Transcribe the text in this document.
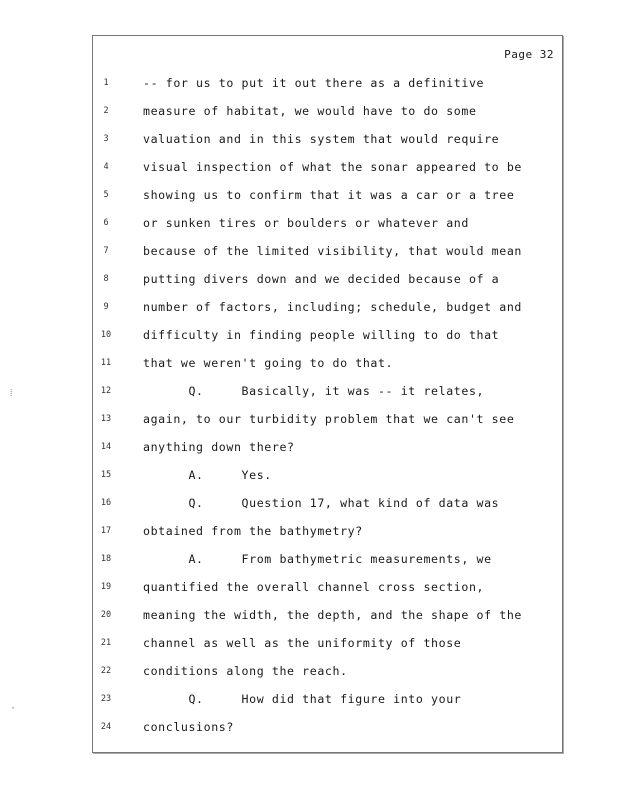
Page 32
1	-- for us to put it out there as a definitive
2	measure of habitat, we would have to do some
3	valuation and in this system that would require
4	visual inspection of what the sonar appeared to be
5	showing us to confirm that it was a car or a tree
6	or sunken tires or boulders or whatever and
7	because of the limited visibility, that would mean
8	putting divers down and we decided because of a
9	number of factors, including; schedule, budget and
10	difficulty in finding people willing to do that
11	that we weren't going to do that.
12	Q.     Basically, it was -- it relates,
13	again, to our turbidity problem that we can't see
14	anything down there?
15	A.     Yes.
16	Q.     Question 17, what kind of data was
17	obtained from the bathymetry?
18	A.     From bathymetric measurements, we
19	quantified the overall channel cross section,
20	meaning the width, the depth, and the shape of the
21	channel as well as the uniformity of those
22	conditions along the reach.
23	Q.     How did that figure into your
24	conclusions?
⦙
·
